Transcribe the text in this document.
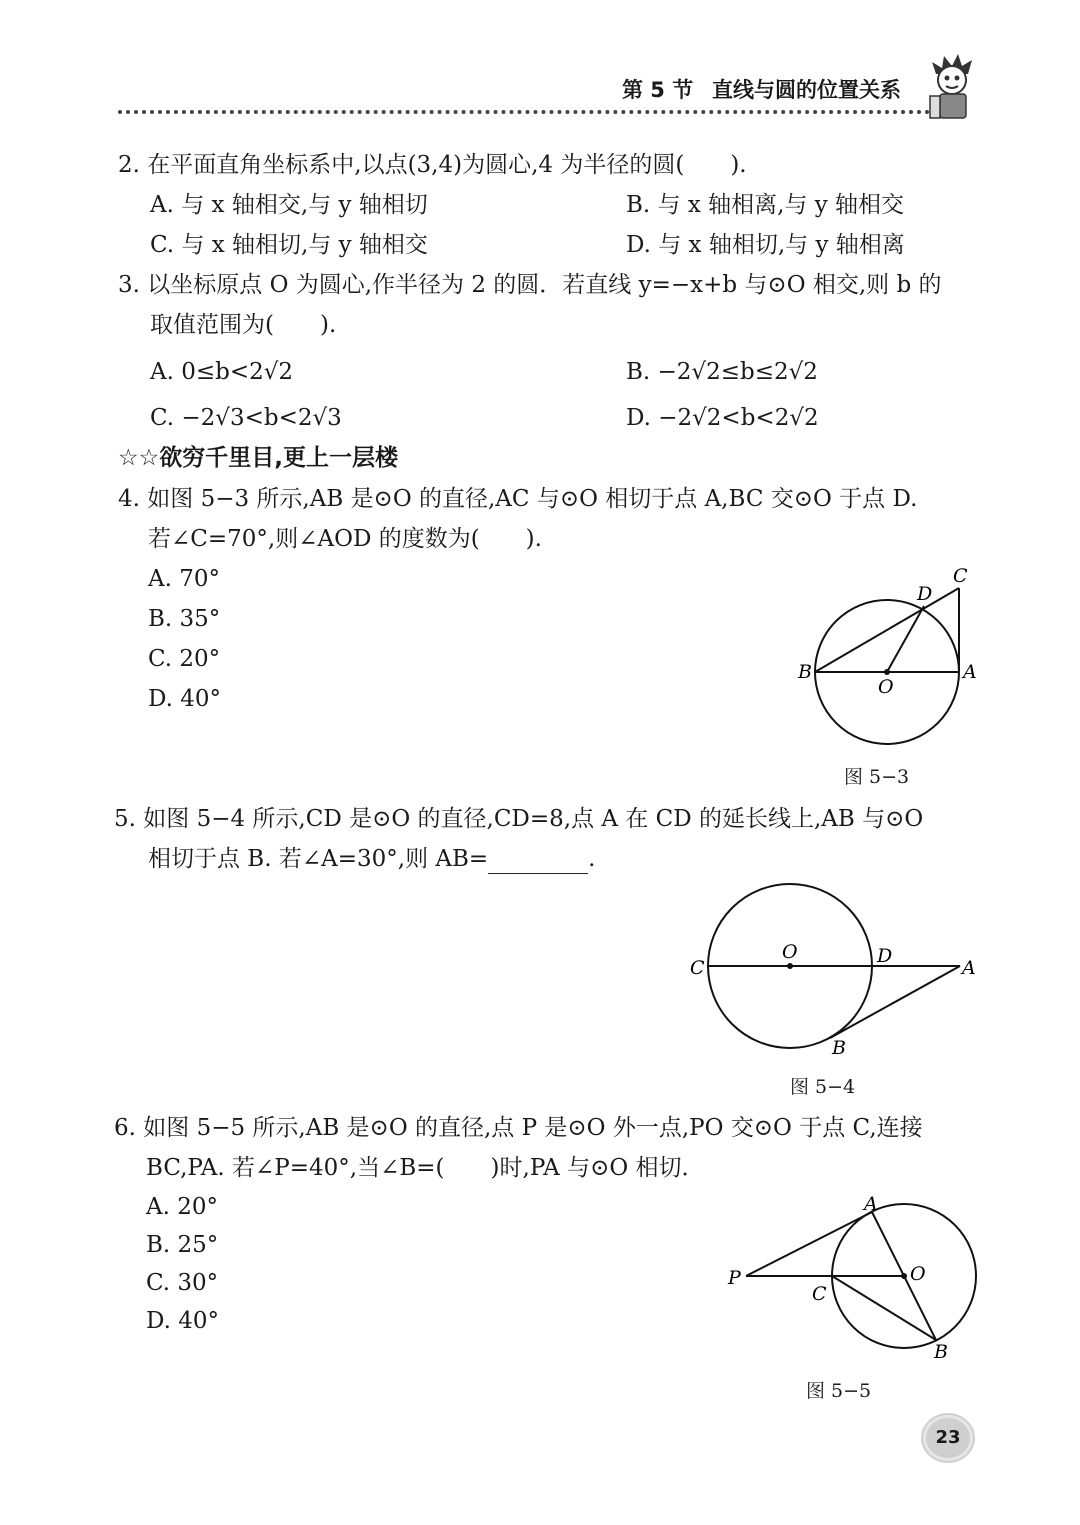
第 5 节 直线与圆的位置关系
2. 在平面直角坐标系中,以点(3,4)为圆心,4 为半径的圆(　　).
A. 与 x 轴相交,与 y 轴相切	B. 与 x 轴相离,与 y 轴相交
C. 与 x 轴相切,与 y 轴相交	D. 与 x 轴相切,与 y 轴相离
3. 以坐标原点 O 为圆心,作半径为 2 的圆．若直线 y=−x+b 与⊙O 相交,则 b 的
取值范围为(　　).
A. 0≤b<2√2	B. −2√2≤b≤2√2
C. −2√3<b<2√3	D. −2√2<b<2√2
☆☆欲穷千里目,更上一层楼
4. 如图 5−3 所示,AB 是⊙O 的直径,AC 与⊙O 相切于点 A,BC 交⊙O 于点 D.
若∠C=70°,则∠AOD 的度数为(　　).
A. 70°
B. 35°
C. 20°
D. 40°
B
O
A
C
D
图 5−3
5. 如图 5−4 所示,CD 是⊙O 的直径,CD=8,点 A 在 CD 的延长线上,AB 与⊙O
相切于点 B. 若∠A=30°,则 AB=	.
C
O	D
A
B
图 5−4
6. 如图 5−5 所示,AB 是⊙O 的直径,点 P 是⊙O 外一点,PO 交⊙O 于点 C,连接
BC,PA. 若∠P=40°,当∠B=(　　)时,PA 与⊙O 相切．
A. 20°
B. 25°
C. 30°
D. 40°
P
A
O
C
B
图 5−5
23
